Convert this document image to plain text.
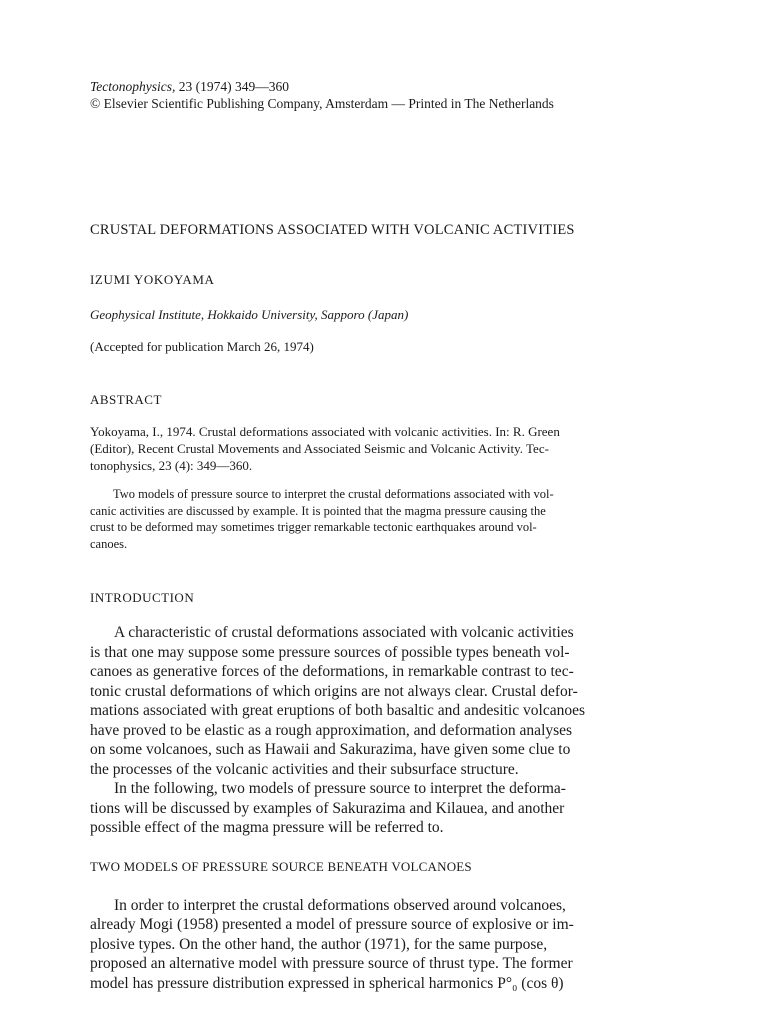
Tectonophysics, 23 (1974) 349—360

© Elsevier Scientific Publishing Company, Amsterdam — Printed in The Netherlands

CRUSTAL DEFORMATIONS ASSOCIATED WITH VOLCANIC ACTIVITIES

IZUMI YOKOYAMA

Geophysical Institute, Hokkaido University, Sapporo (Japan)

(Accepted for publication March 26, 1974)

ABSTRACT

Yokoyama, I., 1974. Crustal deformations associated with volcanic activities. In: R. Green
(Editor), Recent Crustal Movements and Associated Seismic and Volcanic Activity. Tec-
tonophysics, 23 (4): 349—360.

Two models of pressure source to interpret the crustal deformations associated with vol-
canic activities are discussed by example. It is pointed that the magma pressure causing the
crust to be deformed may sometimes trigger remarkable tectonic earthquakes around vol-
canoes.

INTRODUCTION

A characteristic of crustal deformations associated with volcanic activities
is that one may suppose some pressure sources of possible types beneath vol-
canoes as generative forces of the deformations, in remarkable contrast to tec-
tonic crustal deformations of which origins are not always clear. Crustal defor-
mations associated with great eruptions of both basaltic and andesitic volcanoes
have proved to be elastic as a rough approximation, and deformation analyses
on some volcanoes, such as Hawaii and Sakurazima, have given some clue to
the processes of the volcanic activities and their subsurface structure.

In the following, two models of pressure source to interpret the deforma-
tions will be discussed by examples of Sakurazima and Kilauea, and another
possible effect of the magma pressure will be referred to.

TWO MODELS OF PRESSURE SOURCE BENEATH VOLCANOES

In order to interpret the crustal deformations observed around volcanoes,
already Mogi (1958) presented a model of pressure source of explosive or im-
plosive types. On the other hand, the author (1971), for the same purpose,
proposed an alternative model with pressure source of thrust type. The former
model has pressure distribution expressed in spherical harmonics P°₀ (cos θ)
